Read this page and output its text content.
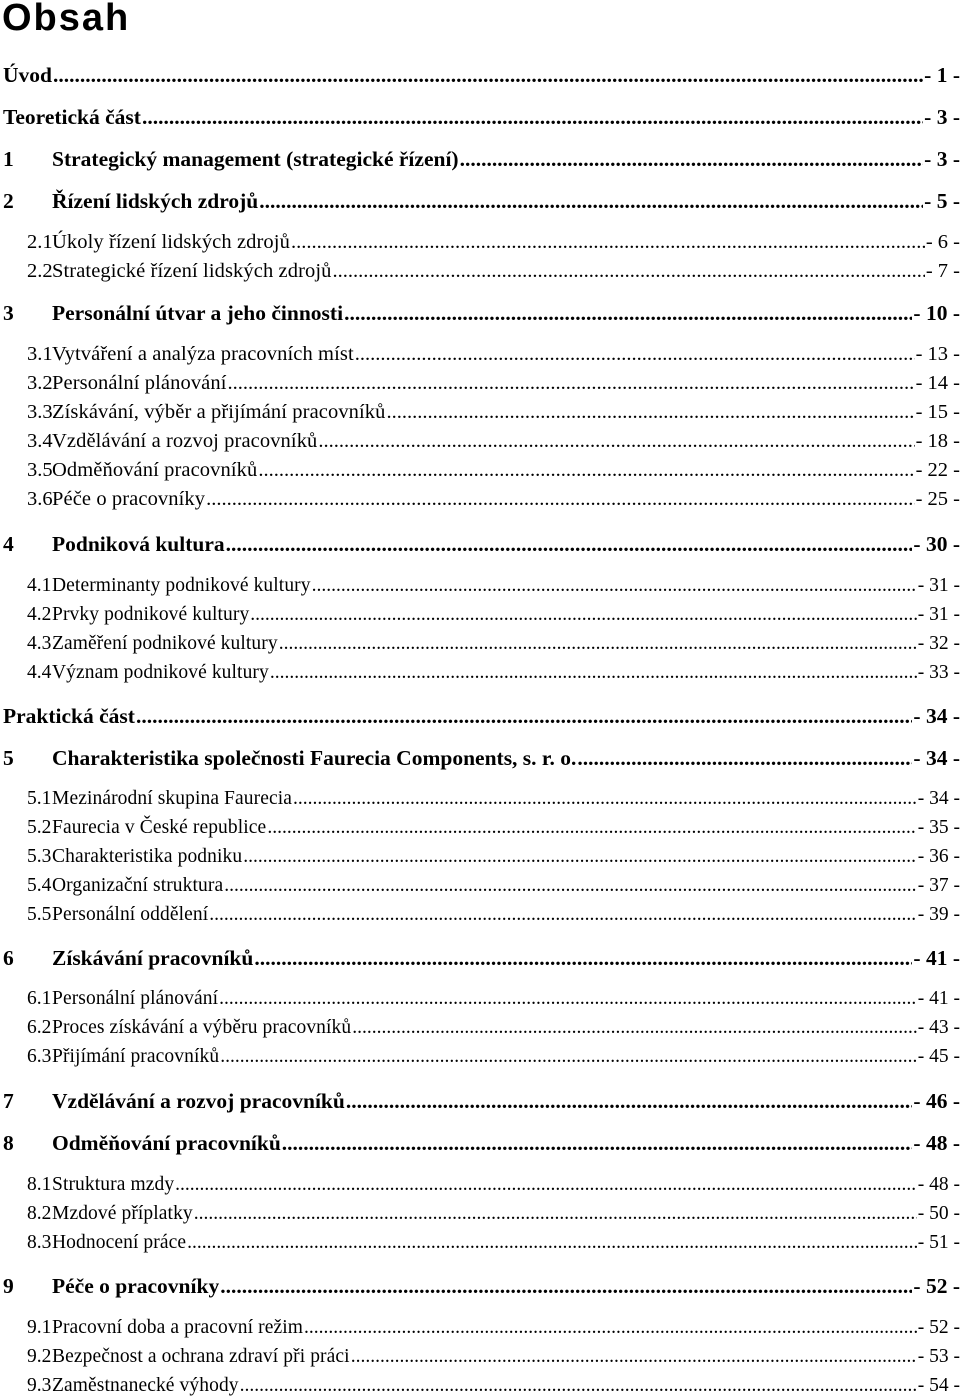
Obsah
Úvod .....	- 1 -
Teoretická část .....	- 3 -
1	Strategický management (strategické řízení) .....	- 3 -
2	Řízení lidských zdrojů .....	- 5 -
2.1 Úkoly řízení lidských zdrojů .....	- 6 -
2.2 Strategické řízení lidských zdrojů .....	- 7 -
3	Personální útvar a jeho činnosti .....	- 10 -
3.1 Vytváření a analýza pracovních míst .....	- 13 -
3.2 Personální plánování .....	- 14 -
3.3 Získávání, výběr a přijímání pracovníků .....	- 15 -
3.4 Vzdělávání a rozvoj pracovníků .....	- 18 -
3.5 Odměňování pracovníků .....	- 22 -
3.6 Péče o pracovníky .....	- 25 -
4	Podniková kultura .....	- 30 -
4.1 Determinanty podnikové kultury .....	- 31 -
4.2 Prvky podnikové kultury .....	- 31 -
4.3 Zaměření podnikové kultury .....	- 32 -
4.4 Význam podnikové kultury .....	- 33 -
Praktická část .....	- 34 -
5	Charakteristika společnosti Faurecia Components, s. r. o. .....	- 34 -
5.1 Mezinárodní skupina Faurecia .....	- 34 -
5.2 Faurecia v České republice .....	- 35 -
5.3 Charakteristika podniku .....	- 36 -
5.4 Organizační struktura .....	- 37 -
5.5 Personální oddělení .....	- 39 -
6	Získávání pracovníků .....	- 41 -
6.1 Personální plánování .....	- 41 -
6.2 Proces získávání a výběru pracovníků .....	- 43 -
6.3 Přijímání pracovníků .....	- 45 -
7	Vzdělávání a rozvoj pracovníků .....	- 46 -
8	Odměňování pracovníků .....	- 48 -
8.1 Struktura mzdy .....	- 48 -
8.2 Mzdové příplatky .....	- 50 -
8.3 Hodnocení práce .....	- 51 -
9	Péče o pracovníky .....	- 52 -
9.1 Pracovní doba a pracovní režim .....	- 52 -
9.2 Bezpečnost a ochrana zdraví při práci .....	- 53 -
9.3 Zaměstnanecké výhody .....	- 54 -
